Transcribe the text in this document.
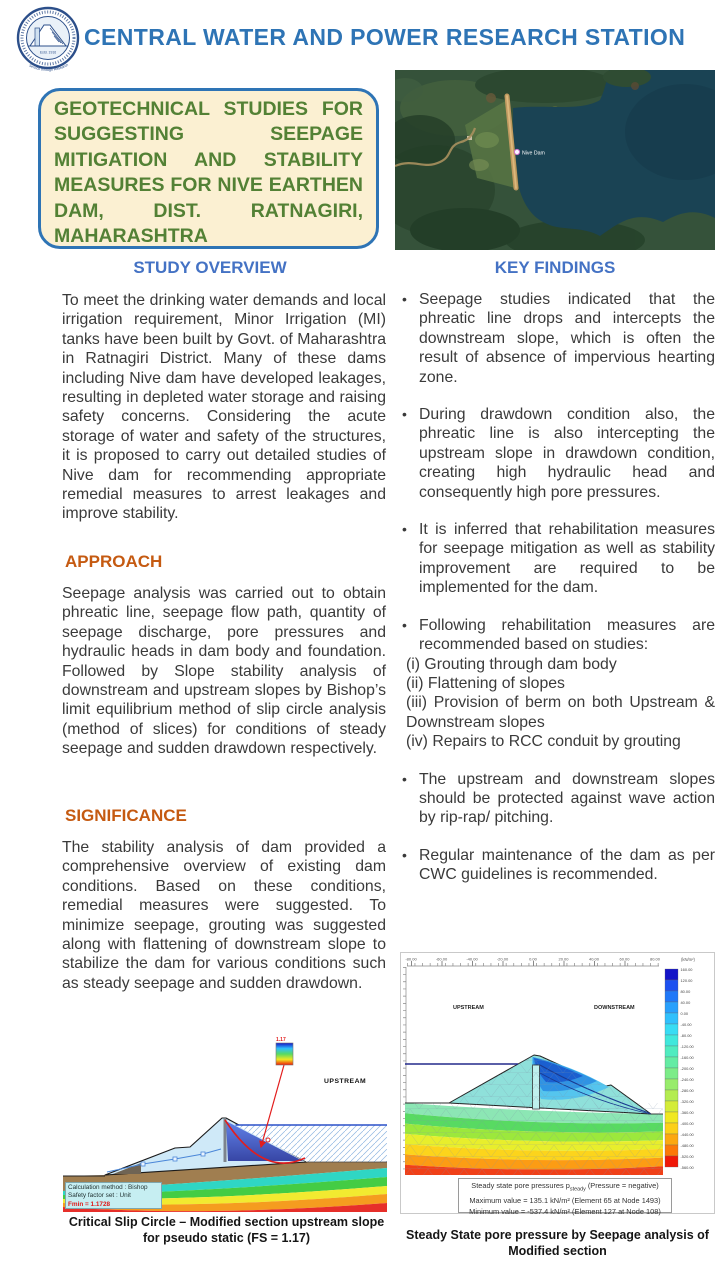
Estd. 1916
Service through Research
CENTRAL WATER AND POWER RESEARCH STATION

GEOTECHNICAL STUDIES FOR SUGGESTING SEEPAGE MITIGATION AND STABILITY MEASURES FOR NIVE EARTHEN DAM, DIST. RATNAGIRI, MAHARASHTRA

Nive Dam
STUDY OVERVIEW

To meet the drinking water demands and local irrigation requirement, Minor Irrigation (MI) tanks have been built by Govt. of Maharashtra in Ratnagiri District. Many of these dams including Nive dam have developed leakages, resulting in depleted water storage and raising safety concerns. Considering the acute storage of water and safety of the structures, it is proposed to carry out detailed studies of Nive dam for recommending appropriate remedial measures to arrest leakages and improve stability.

APPROACH

Seepage analysis was carried out to obtain phreatic line, seepage flow path, quantity of seepage discharge, pore pressures and hydraulic heads in dam body and foundation. Followed by Slope stability analysis of downstream and upstream slopes by Bishop’s limit equilibrium method of slip circle analysis (method of slices) for conditions of steady seepage and sudden drawdown respectively.

SIGNIFICANCE

The stability analysis of dam provided a comprehensive overview of existing dam conditions. Based on these conditions, remedial measures were suggested. To minimize seepage, grouting was suggested along with flattening of downstream slope to stabilize the dam for various conditions such as steady seepage and sudden drawdown.

KEY FINDINGS
• Seepage studies indicated that the phreatic line drops and intercepts the downstream slope, which is often the result of absence of impervious hearting zone.
• During drawdown condition also, the phreatic line is also intercepting the upstream slope in drawdown condition, creating high hydraulic head and consequently high pore pressures.
• It is inferred that rehabilitation measures for seepage mitigation as well as stability improvement are required to be implemented for the dam.
• Following rehabilitation measures are recommended based on studies:
(i) Grouting through dam body
(ii) Flattening of slopes
(iii) Provision of berm on both Upstream & Downstream slopes
(iv) Repairs to RCC conduit by grouting
• The upstream and downstream slopes should be protected against wave action by rip-rap/ pitching.
• Regular maintenance of the dam as per CWC guidelines is recommended.
1.17
UPSTREAM
Calculation method : Bishop
Safety factor set : Unit
Fmin = 1.1728

Critical Slip Circle – Modified section upstream slope for pseudo static (FS = 1.17)

-80.00	-60.00	-40.00	-20.00	0.00	20.00	40.00	60.00	80.00	(kN/m²)
UPSTREAM	DOWNSTREAM
160.00
120.00
80.00
40.00
0.00
-40.00
-80.00
-120.00
-160.00
-200.00
-240.00
-280.00
-320.00
-360.00
-400.00
-440.00
-480.00
-520.00
-560.00
Steady state pore pressures $p_{steady}$ (Pressure = negative)
Maximum value = 135.1 kN/m² (Element 65 at Node 1493)
Minimum value = -537.4 kN/m² (Element 127 at Node 108)

Steady State pore pressure by Seepage analysis of Modified section
